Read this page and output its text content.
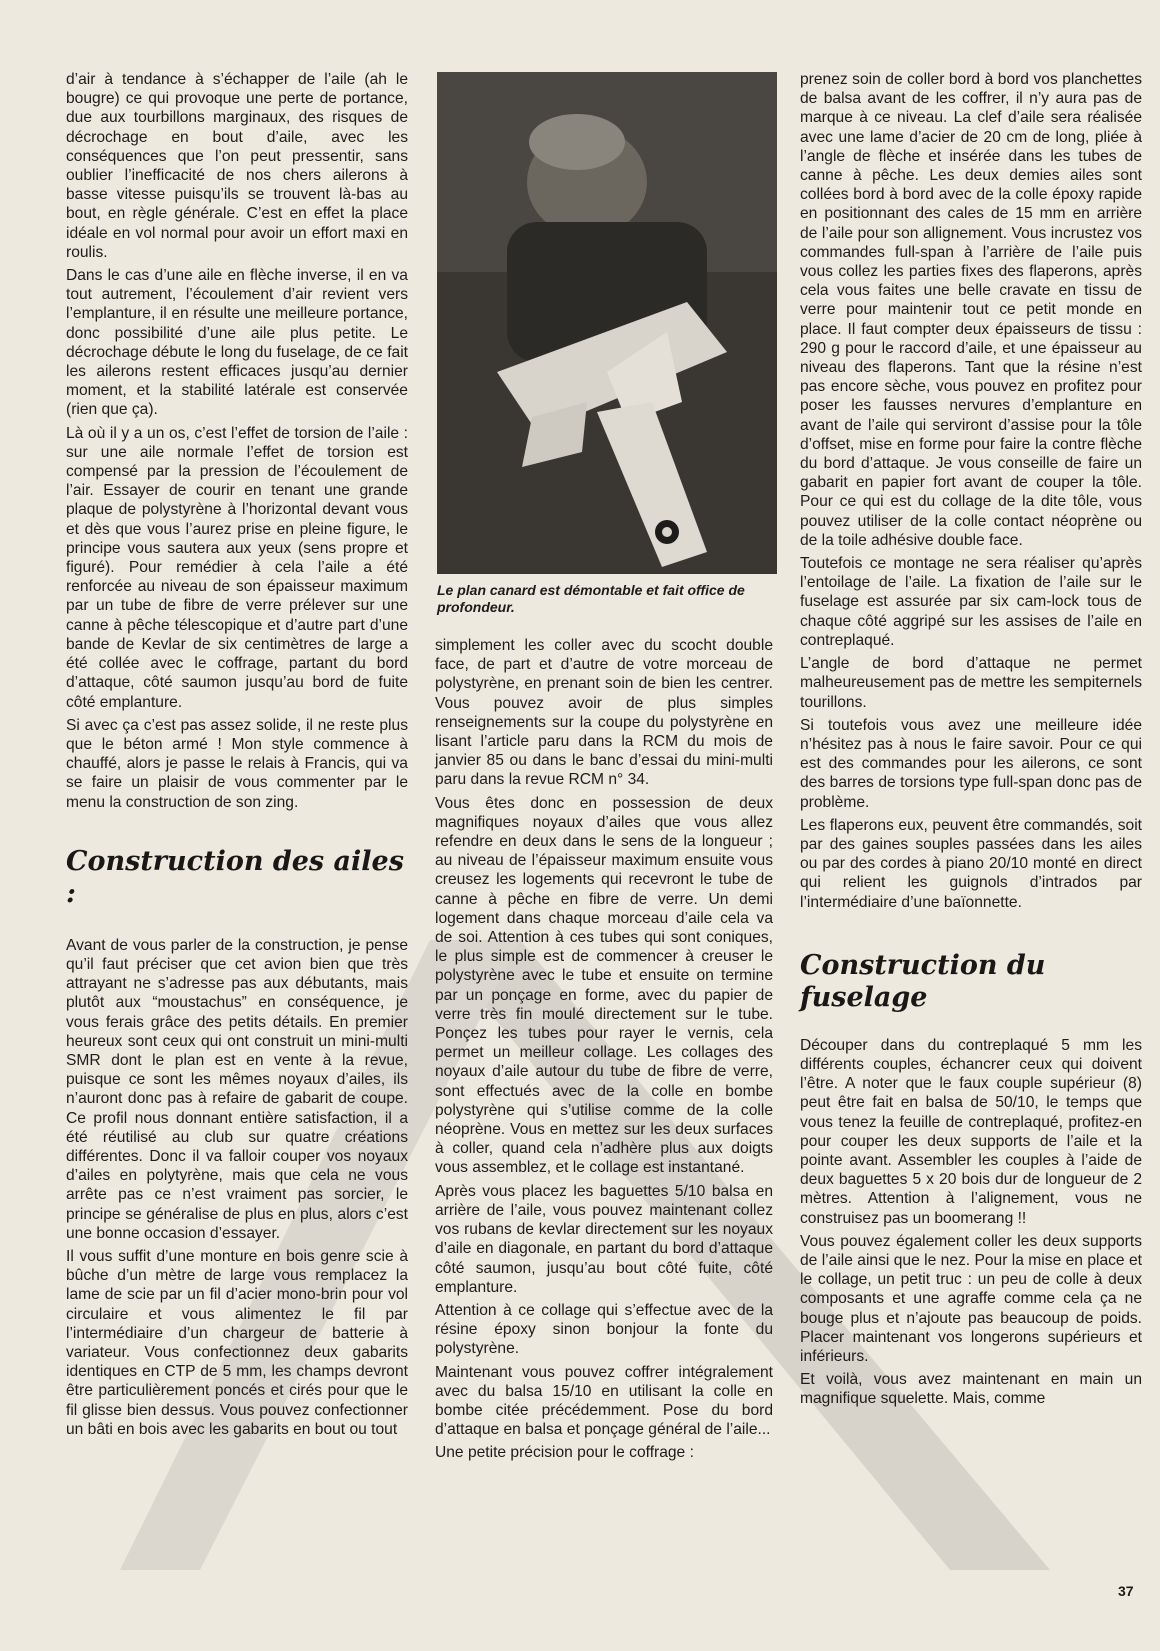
d’air à tendance à s’échapper de l’aile (ah le bougre) ce qui provoque une perte de portance, due aux tourbillons marginaux, des risques de décrochage en bout d’aile, avec les conséquences que l’on peut pressentir, sans oublier l’inefficacité de nos chers ailerons à basse vitesse puisqu’ils se trouvent là-bas au bout, en règle générale. C’est en effet la place idéale en vol normal pour avoir un effort maxi en roulis.

Dans le cas d’une aile en flèche inverse, il en va tout autrement, l’écoulement d’air revient vers l’emplanture, il en résulte une meilleure portance, donc possibilité d’une aile plus petite. Le décrochage débute le long du fuselage, de ce fait les ailerons restent efficaces jusqu’au dernier moment, et la stabilité latérale est conservée (rien que ça).

Là où il y a un os, c’est l’effet de torsion de l’aile : sur une aile normale l’effet de torsion est compensé par la pression de l’écoulement de l’air. Essayer de courir en tenant une grande plaque de polystyrène à l’horizontal devant vous et dès que vous l’aurez prise en pleine figure, le principe vous sautera aux yeux (sens propre et figuré). Pour remédier à cela l’aile a été renforcée au niveau de son épaisseur maximum par un tube de fibre de verre prélever sur une canne à pêche télescopique et d’autre part d’une bande de Kevlar de six centimètres de large a été collée avec le coffrage, partant du bord d’attaque, côté saumon jusqu’au bord de fuite côté emplanture.

Si avec ça c’est pas assez solide, il ne reste plus que le béton armé ! Mon style commence à chauffé, alors je passe le relais à Francis, qui va se faire un plaisir de vous commenter par le menu la construction de son zing.

Construction des ailes :

Avant de vous parler de la construction, je pense qu’il faut préciser que cet avion bien que très attrayant ne s’adresse pas aux débutants, mais plutôt aux “moustachus” en conséquence, je vous ferais grâce des petits détails. En premier heureux sont ceux qui ont construit un mini-multi SMR dont le plan est en vente à la revue, puisque ce sont les mêmes noyaux d’ailes, ils n’auront donc pas à refaire de gabarit de coupe. Ce profil nous donnant entière satisfaction, il a été réutilisé au club sur quatre créations différentes. Donc il va falloir couper vos noyaux d’ailes en polytyrène, mais que cela ne vous arrête pas ce n’est vraiment pas sorcier, le principe se généralise de plus en plus, alors c’est une bonne occasion d’essayer.

Il vous suffit d’une monture en bois genre scie à bûche d’un mètre de large vous remplacez la lame de scie par un fil d’acier mono-brin pour vol circulaire et vous alimentez le fil par l’intermédiaire d’un chargeur de batterie à variateur. Vous confectionnez deux gabarits identiques en CTP de 5 mm, les champs devront être particulièrement poncés et cirés pour que le fil glisse bien dessus. Vous pouvez confectionner un bâti en bois avec les gabarits en bout ou tout

Le plan canard est démontable et fait office de profondeur.

simplement les coller avec du scocht double face, de part et d’autre de votre morceau de polystyrène, en prenant soin de bien les centrer. Vous pouvez avoir de plus simples renseignements sur la coupe du polystyrène en lisant l’article paru dans la RCM du mois de janvier 85 ou dans le banc d’essai du mini-multi paru dans la revue RCM n° 34.

Vous êtes donc en possession de deux magnifiques noyaux d’ailes que vous allez refendre en deux dans le sens de la longueur ; au niveau de l’épaisseur maximum ensuite vous creusez les logements qui recevront le tube de canne à pêche en fibre de verre. Un demi logement dans chaque morceau d’aile cela va de soi. Attention à ces tubes qui sont coniques, le plus simple est de commencer à creuser le polystyrène avec le tube et ensuite on termine par un ponçage en forme, avec du papier de verre très fin moulé directement sur le tube. Ponçez les tubes pour rayer le vernis, cela permet un meilleur collage. Les collages des noyaux d’aile autour du tube de fibre de verre, sont effectués avec de la colle en bombe polystyrène qui s’utilise comme de la colle néoprène. Vous en mettez sur les deux surfaces à coller, quand cela n’adhère plus aux doigts vous assemblez, et le collage est instantané.

Après vous placez les baguettes 5/10 balsa en arrière de l’aile, vous pouvez maintenant collez vos rubans de kevlar directement sur les noyaux d’aile en diagonale, en partant du bord d’attaque côté saumon, jusqu’au bout côté fuite, côté emplanture.

Attention à ce collage qui s’effectue avec de la résine époxy sinon bonjour la fonte du polystyrène.

Maintenant vous pouvez coffrer intégralement avec du balsa 15/10 en utilisant la colle en bombe citée précédemment. Pose du bord d’attaque en balsa et ponçage général de l’aile...

Une petite précision pour le coffrage :

prenez soin de coller bord à bord vos planchettes de balsa avant de les coffrer, il n’y aura pas de marque à ce niveau. La clef d’aile sera réalisée avec une lame d’acier de 20 cm de long, pliée à l’angle de flèche et insérée dans les tubes de canne à pêche. Les deux demies ailes sont collées bord à bord avec de la colle époxy rapide en positionnant des cales de 15 mm en arrière de l’aile pour son allignement. Vous incrustez vos commandes full-span à l’arrière de l’aile puis vous collez les parties fixes des flaperons, après cela vous faites une belle cravate en tissu de verre pour maintenir tout ce petit monde en place. Il faut compter deux épaisseurs de tissu : 290 g pour le raccord d’aile, et une épaisseur au niveau des flaperons. Tant que la résine n’est pas encore sèche, vous pouvez en profitez pour poser les fausses nervures d’emplanture en avant de l’aile qui serviront d’assise pour la tôle d’offset, mise en forme pour faire la contre flèche du bord d’attaque. Je vous conseille de faire un gabarit en papier fort avant de couper la tôle. Pour ce qui est du collage de la dite tôle, vous pouvez utiliser de la colle contact néoprène ou de la toile adhésive double face.

Toutefois ce montage ne sera réaliser qu’après l’entoilage de l’aile. La fixation de l’aile sur le fuselage est assurée par six cam-lock tous de chaque côté aggripé sur les assises de l’aile en contreplaqué.

L’angle de bord d’attaque ne permet malheureusement pas de mettre les sempiternels tourillons.

Si toutefois vous avez une meilleure idée n’hésitez pas à nous le faire savoir. Pour ce qui est des commandes pour les ailerons, ce sont des barres de torsions type full-span donc pas de problème.

Les flaperons eux, peuvent être commandés, soit par des gaines souples passées dans les ailes ou par des cordes à piano 20/10 monté en direct qui relient les guignols d’intrados par l’intermédiaire d’une baïonnette.

Construction du fuselage

Découper dans du contreplaqué 5 mm les différents couples, échancrer ceux qui doivent l’être. A noter que le faux couple supérieur (8) peut être fait en balsa de 50/10, le temps que vous tenez la feuille de contreplaqué, profitez-en pour couper les deux supports de l’aile et la pointe avant. Assembler les couples à l’aide de deux baguettes 5 x 20 bois dur de longueur de 2 mètres. Attention à l’alignement, vous ne construisez pas un boomerang !!

Vous pouvez également coller les deux supports de l’aile ainsi que le nez. Pour la mise en place et le collage, un petit truc : un peu de colle à deux composants et une agraffe comme cela ça ne bouge plus et n’ajoute pas beaucoup de poids. Placer maintenant vos longerons supérieurs et inférieurs.

Et voilà, vous avez maintenant en main un magnifique squelette. Mais, comme

37
